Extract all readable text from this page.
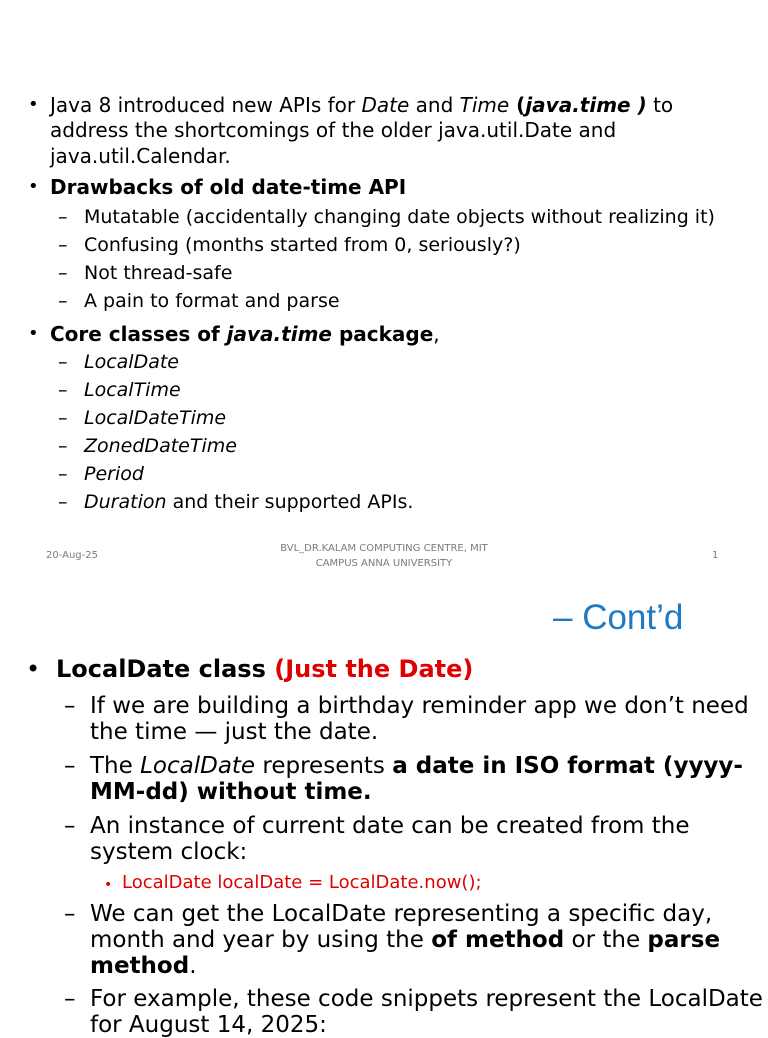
• Java 8 introduced new APIs for Date and Time (java.time ) to
address the shortcomings of the older java.util.Date and
java.util.Calendar.
• Drawbacks of old date-time API
– Mutatable (accidentally changing date objects without realizing it)
– Confusing (months started from 0, seriously?)
– Not thread-safe
– A pain to format and parse
• Core classes of java.time package,
– LocalDate
– LocalTime
– LocalDateTime
– ZonedDateTime
– Period
– Duration and their supported APIs.
20-Aug-25
BVL_DR.KALAM COMPUTING CENTRE, MIT
CAMPUS ANNA UNIVERSITY
1
– Cont’d
• LocalDate class (Just the Date)
– If we are building a birthday reminder app we don’t need
the time — just the date.
– The LocalDate represents a date in ISO format (yyyy-
MM-dd) without time.
– An instance of current date can be created from the
system clock:
• LocalDate localDate = LocalDate.now();
– We can get the LocalDate representing a specific day,
month and year by using the of method or the parse
method.
– For example, these code snippets represent the LocalDate
for August 14, 2025:
